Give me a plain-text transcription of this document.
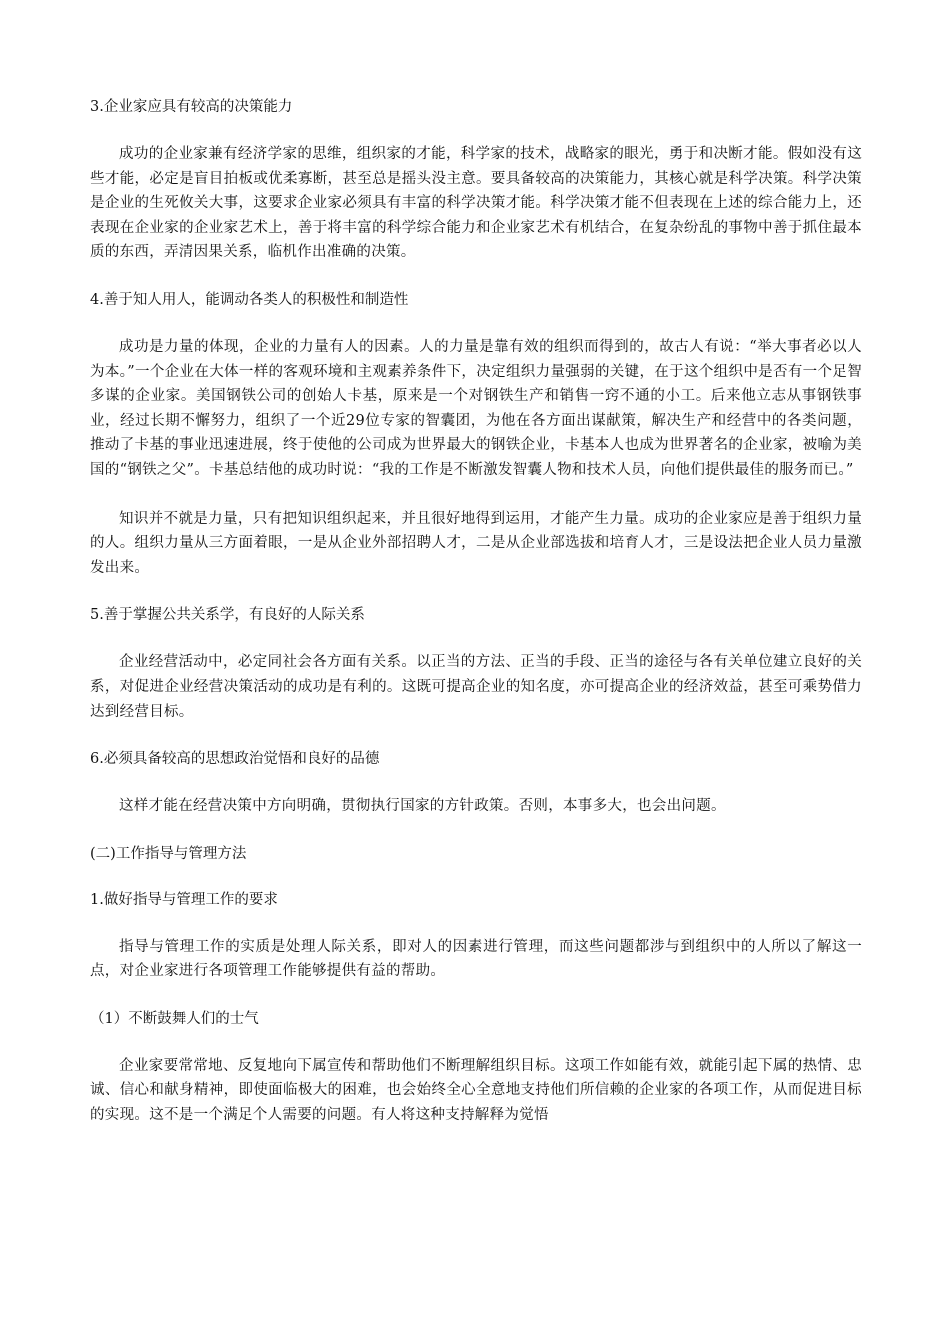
3.企业家应具有较高的决策能力

成功的企业家兼有经济学家的思维，组织家的才能，科学家的技术，战略家的眼光，勇于和决断才能。假如没有这些才能，必定是盲目拍板或优柔寡断，甚至总是摇头没主意。要具备较高的决策能力，其核心就是科学决策。科学决策是企业的生死攸关大事，这要求企业家必须具有丰富的科学决策才能。科学决策才能不但表现在上述的综合能力上，还表现在企业家的企业家艺术上，善于将丰富的科学综合能力和企业家艺术有机结合，在复杂纷乱的事物中善于抓住最本质的东西，弄清因果关系，临机作出准确的决策。

4.善于知人用人，能调动各类人的积极性和制造性

成功是力量的体现，企业的力量有人的因素。人的力量是靠有效的组织而得到的，故古人有说：“举大事者必以人为本。”一个企业在大体一样的客观环境和主观素养条件下，决定组织力量强弱的关键，在于这个组织中是否有一个足智多谋的企业家。美国钢铁公司的创始人卡基，原来是一个对钢铁生产和销售一窍不通的小工。后来他立志从事钢铁事业，经过长期不懈努力，组织了一个近29位专家的智囊团，为他在各方面出谋献策，解决生产和经营中的各类问题，推动了卡基的事业迅速进展，终于使他的公司成为世界最大的钢铁企业，卡基本人也成为世界著名的企业家，被喻为美国的“钢铁之父”。卡基总结他的成功时说：“我的工作是不断激发智囊人物和技术人员，向他们提供最佳的服务而已。”

知识并不就是力量，只有把知识组织起来，并且很好地得到运用，才能产生力量。成功的企业家应是善于组织力量的人。组织力量从三方面着眼，一是从企业外部招聘人才，二是从企业部选拔和培育人才，三是设法把企业人员力量激发出来。

5.善于掌握公共关系学，有良好的人际关系

企业经营活动中，必定同社会各方面有关系。以正当的方法、正当的手段、正当的途径与各有关单位建立良好的关系，对促进企业经营决策活动的成功是有利的。这既可提高企业的知名度，亦可提高企业的经济效益，甚至可乘势借力达到经营目标。

6.必须具备较高的思想政治觉悟和良好的品德

这样才能在经营决策中方向明确，贯彻执行国家的方针政策。否则，本事多大，也会出问题。

(二)工作指导与管理方法
1.做好指导与管理工作的要求

指导与管理工作的实质是处理人际关系，即对人的因素进行管理，而这些问题都涉与到组织中的人所以了解这一点，对企业家进行各项管理工作能够提供有益的帮助。

（1）不断鼓舞人们的士气

企业家要常常地、反复地向下属宣传和帮助他们不断理解组织目标。这项工作如能有效，就能引起下属的热情、忠诚、信心和献身精神，即使面临极大的困难，也会始终全心全意地支持他们所信赖的企业家的各项工作，从而促进目标的实现。这不是一个满足个人需要的问题。有人将这种支持解释为觉悟
